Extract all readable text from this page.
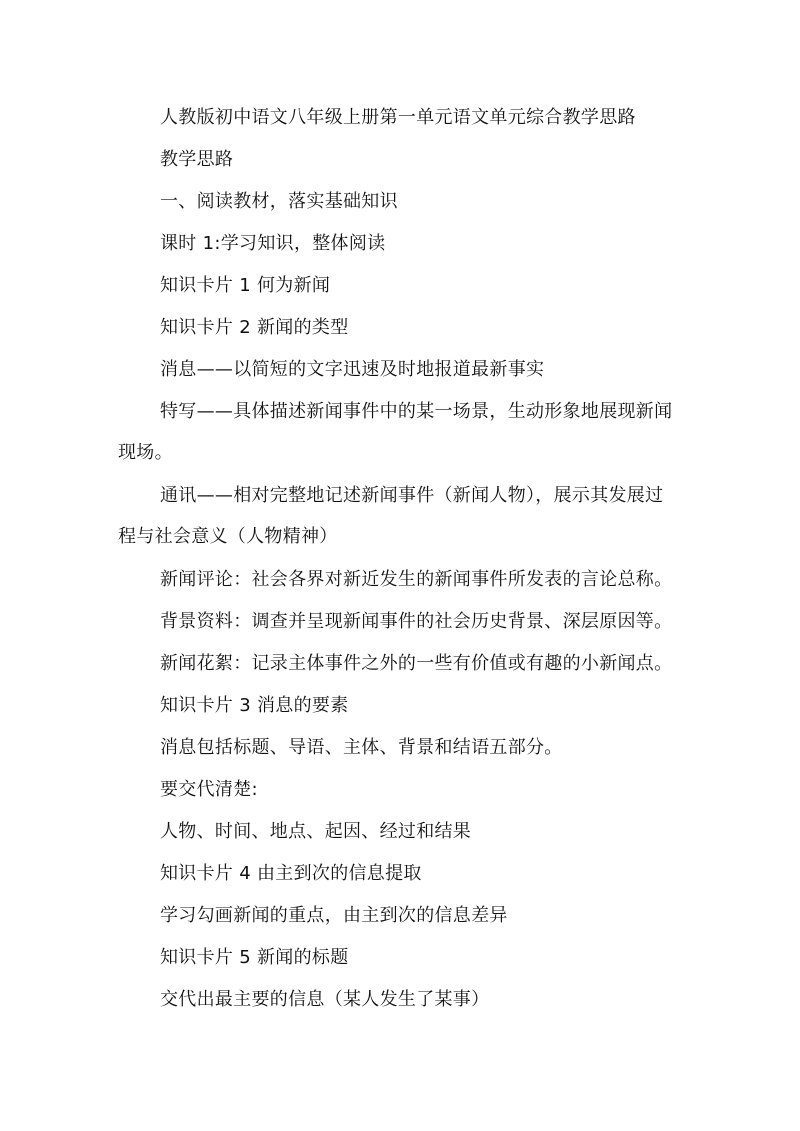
人教版初中语文八年级上册第一单元语文单元综合教学思路
教学思路
一、阅读教材，落实基础知识
课时 1:学习知识，整体阅读
知识卡片 1 何为新闻
知识卡片 2 新闻的类型
消息——以简短的文字迅速及时地报道最新事实
特写——具体描述新闻事件中的某一场景，生动形象地展现新闻
现场。
通讯——相对完整地记述新闻事件（新闻人物），展示其发展过
程与社会意义（人物精神）
新闻评论：社会各界对新近发生的新闻事件所发表的言论总称。
背景资料：调查并呈现新闻事件的社会历史背景、深层原因等。
新闻花絮：记录主体事件之外的一些有价值或有趣的小新闻点。
知识卡片 3 消息的要素
消息包括标题、导语、主体、背景和结语五部分。
要交代清楚:
人物、时间、地点、起因、经过和结果
知识卡片 4 由主到次的信息提取
学习勾画新闻的重点，由主到次的信息差异
知识卡片 5 新闻的标题
交代出最主要的信息（某人发生了某事）
